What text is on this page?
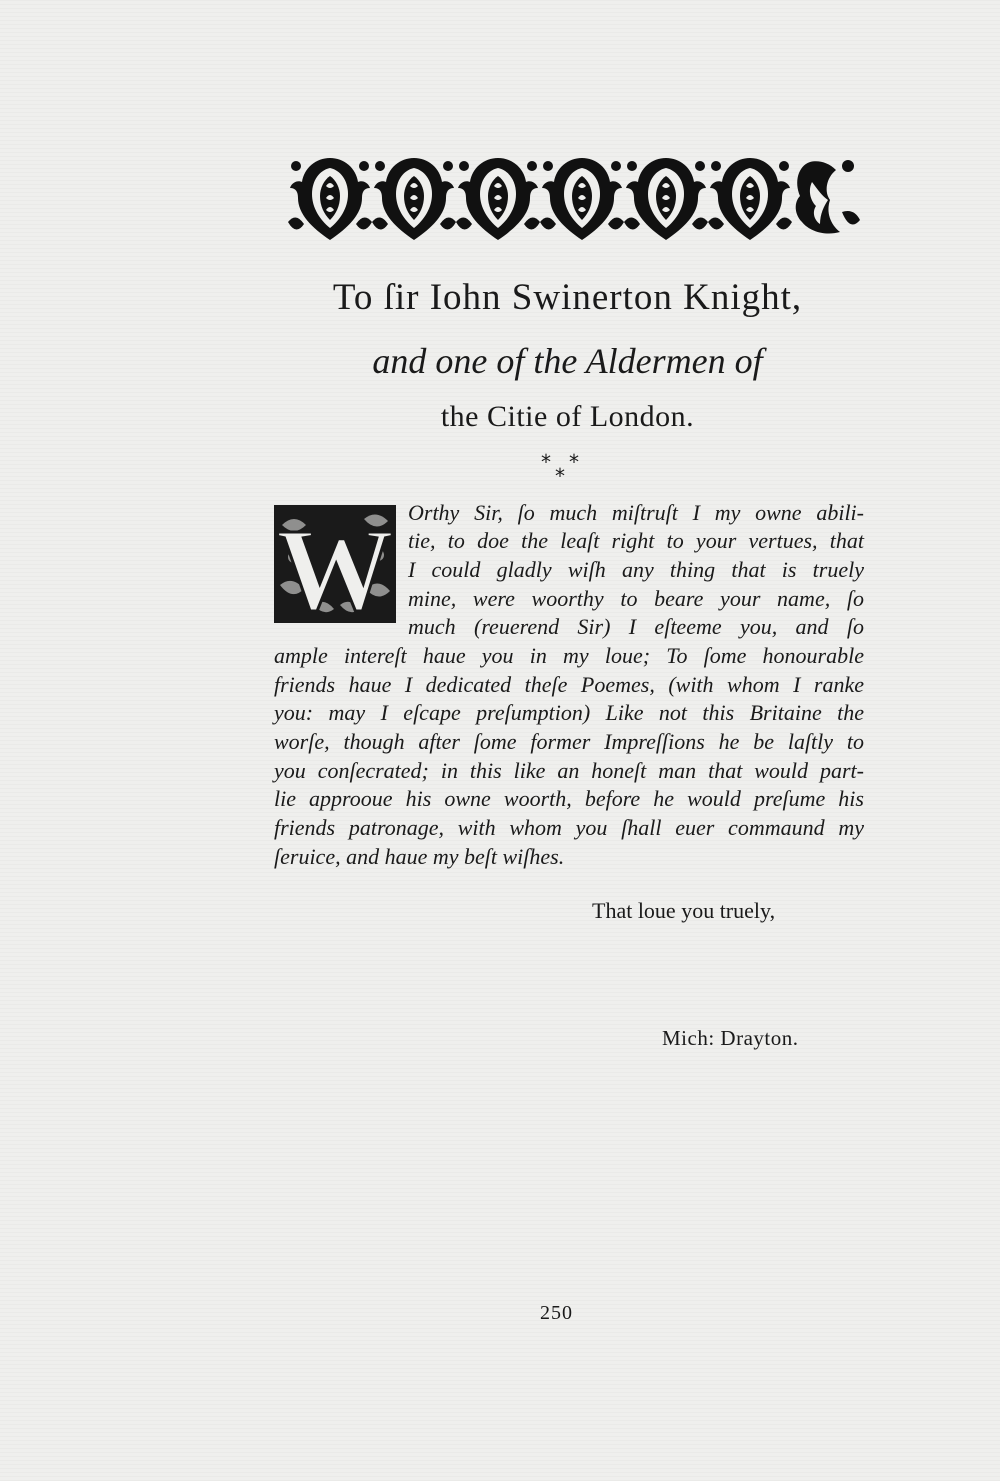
To ſir Iohn Swinerton Knight,
and one of the Aldermen of
the Citie of London.
* *
*
W Orthy Sir, ſo much miſtruſt I my owne abili-
tie, to doe the leaſt right to your vertues, that
I could gladly wiſh any thing that is truely
mine, were woorthy to beare your name, ſo
much (reuerend Sir) I eſteeme you, and ſo
ample intereſt haue you in my loue; To ſome honourable
friends haue I dedicated theſe Poemes, (with whom I ranke
you: may I eſcape preſumption) Like not this Britaine the
worſe, though after ſome former Impreſſions he be laſtly to
you conſecrated; in this like an honeſt man that would part-
lie approoue his owne woorth, before he would preſume his
friends patronage, with whom you ſhall euer commaund my
ſeruice, and haue my beſt wiſhes.
That loue you truely,
Mich: Drayton.
250
